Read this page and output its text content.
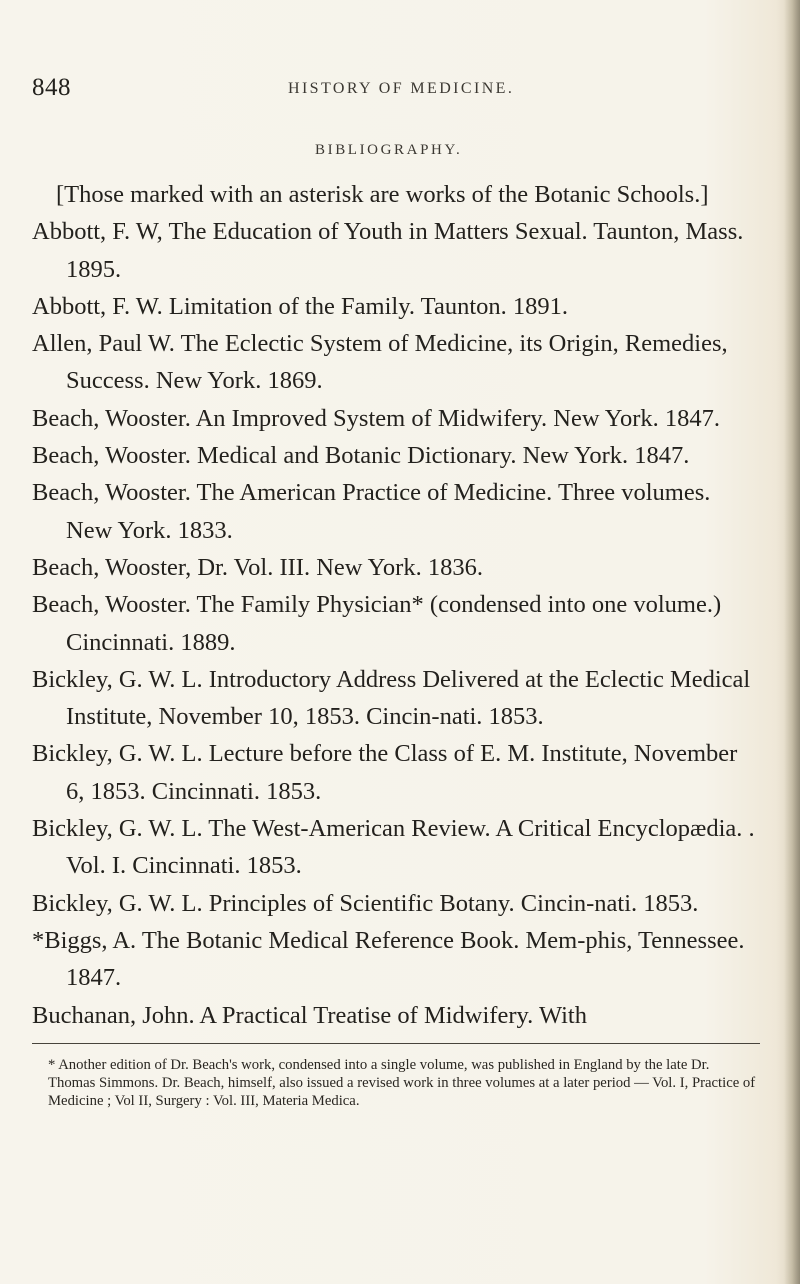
848	HISTORY OF MEDICINE.
BIBLIOGRAPHY.

[Those marked with an asterisk are works of the Botanic Schools.]

Abbott, F. W, The Education of Youth in Matters Sexual. Taunton, Mass. 1895.

Abbott, F. W. Limitation of the Family. Taunton. 1891.

Allen, Paul W. The Eclectic System of Medicine, its Origin, Remedies, Success. New York. 1869.

Beach, Wooster. An Improved System of Midwifery. New York. 1847.

Beach, Wooster. Medical and Botanic Dictionary. New York. 1847.

Beach, Wooster. The American Practice of Medicine. Three volumes. New York. 1833.

Beach, Wooster, Dr. Vol. III. New York. 1836.

Beach, Wooster. The Family Physician* (condensed into one volume.) Cincinnati. 1889.

Bickley, G. W. L. Introductory Address Delivered at the Eclectic Medical Institute, November 10, 1853. Cincin-nati. 1853.

Bickley, G. W. L. Lecture before the Class of E. M. Institute, November 6, 1853. Cincinnati. 1853.

Bickley, G. W. L. The West-American Review. A Critical Encyclopædia. . Vol. I. Cincinnati. 1853.

Bickley, G. W. L. Principles of Scientific Botany. Cincin-nati. 1853.

*Biggs, A. The Botanic Medical Reference Book. Mem-phis, Tennessee. 1847.

Buchanan, John. A Practical Treatise of Midwifery. With

* Another edition of Dr. Beach's work, condensed into a single volume, was published in England by the late Dr. Thomas Simmons. Dr. Beach, himself, also issued a revised work in three volumes at a later period — Vol. I, Practice of Medicine ; Vol II, Surgery : Vol. III, Materia Medica.
